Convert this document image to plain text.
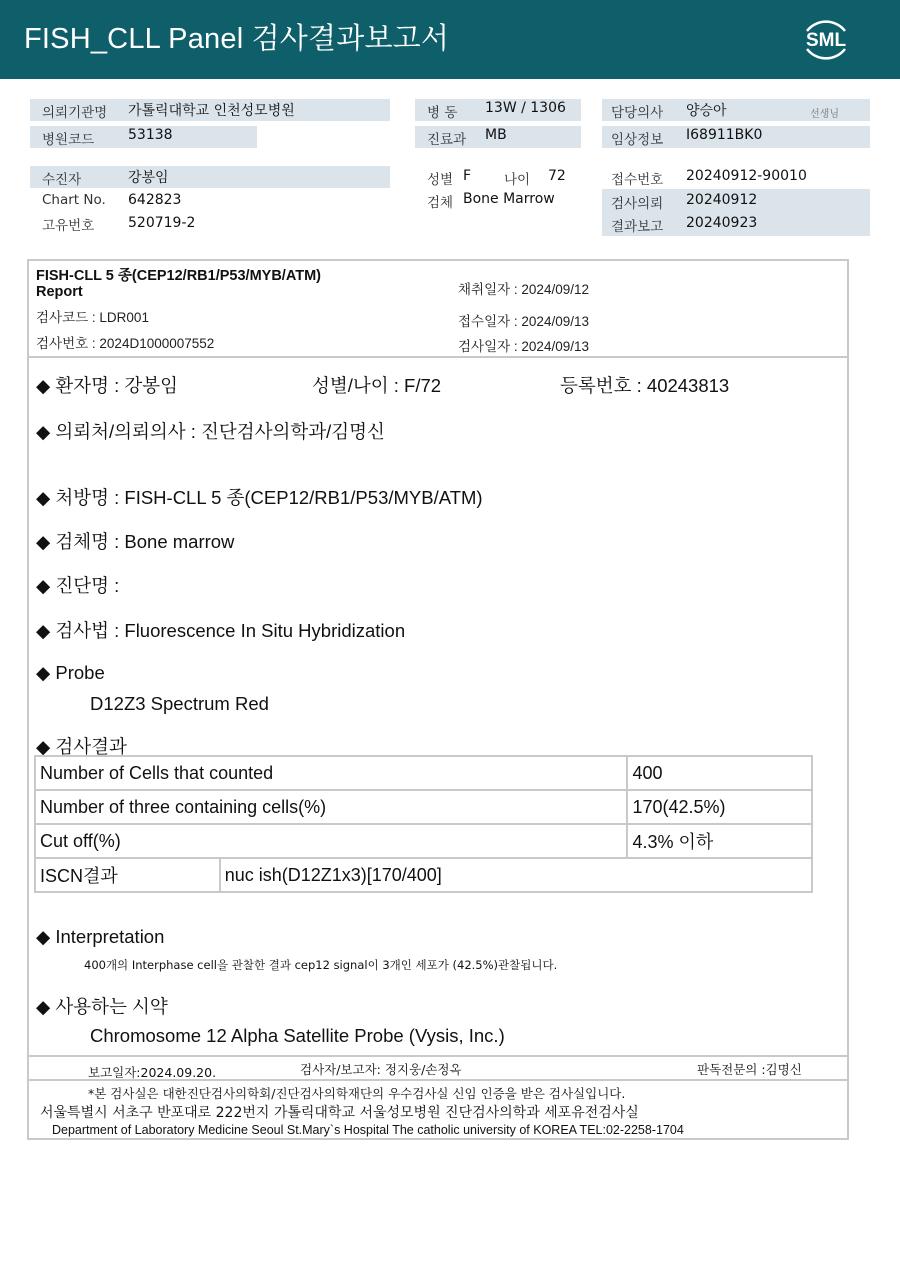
FISH_CLL Panel 검사결과보고서	SML
의뢰기관명 가톨릭대학교 인천성모병원
병원코드 53138
병 동 13W / 1306
진료과 MB
담당의사 양승아	선생님
임상정보 I68911BK0
수진자	강봉임
Chart No. 642823
고유번호 520719-2
성별 F 나이 72
검체 Bone Marrow
접수번호 20240912-90010
검사의뢰 20240912
결과보고 20240923
FISH-CLL 5 종(CEP12/RB1/P53/MYB/ATM)
Report
검사코드 : LDR001
검사번호 : 2024D1000007552
채취일자 : 2024/09/12
접수일자 : 2024/09/13
검사일자 : 2024/09/13
◆ 환자명 : 강봉임	성별/나이 : F/72	등록번호 : 40243813
◆ 의뢰처/의뢰의사 : 진단검사의학과/김명신
◆ 처방명 : FISH-CLL 5 종(CEP12/RB1/P53/MYB/ATM)
◆ 검체명 : Bone marrow
◆ 진단명 :
◆ 검사법 : Fluorescence In Situ Hybridization
◆ Probe
D12Z3 Spectrum Red
◆ 검사결과
Number of Cells that counted		400
Number of three containing cells(%)		170(42.5%)
Cut off(%)		4.3% 이하
ISCN결과	nuc ish(D12Z1x3)[170/400]	
◆ Interpretation
400개의 Interphase cell을 관찰한 결과 cep12 signal이 3개인 세포가 (42.5%)관찰됩니다.
◆ 사용하는 시약
Chromosome 12 Alpha Satellite Probe (Vysis, Inc.)
보고일자:2024.09.20.	검사자/보고자: 정지웅/손정옥	판독전문의 :김명신
*본 검사실은 대한진단검사의학회/진단검사의학재단의 우수검사실 신임 인증을 받은 검사실입니다.
서울특별시 서초구 반포대로 222번지 가톨릭대학교 서울성모병원 진단검사의학과 세포유전검사실
Department of Laboratory Medicine Seoul St.Mary`s Hospital The catholic university of KOREA TEL:02-2258-1704
